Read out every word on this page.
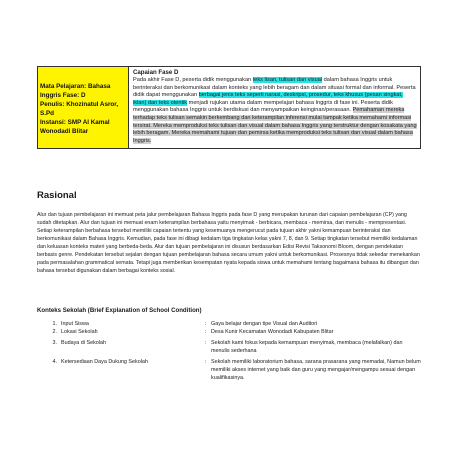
Mata Pelajaran: Bahasa
Inggris Fase: D
Penulis: Khozinatul Asror,
S.Pd
Instansi: SMP Al Kamal
Wonodadi Blitar

Capaian Fase D
Pada akhir Fase D, peserta didik menggunakan teks lisan, tulisan dan visual dalam bahasa Inggris untuk berinteraksi dan berkomunikasi dalam konteks yang lebih beragam dan dalam situasi formal dan informal. Peserta didik dapat menggunakan berbagai jenis teks seperti narasi, deskripsi, prosedur, teks khusus (pesan singkat, iklan) dan teks otentik menjadi rujukan utama dalam mempelajari bahasa Inggris di fase ini. Peserta didik menggunakan bahasa Inggris untuk berdiskusi dan menyampaikan keinginan/perasaan. Pemahaman mereka terhadap teks tulisan semakin berkembang dan keterampilan inferensi mulai tampak ketika memahami informasi tersirat. Mereka memproduksi teks tulisan dan visual dalam bahasa Inggris yang terstruktur dengan kosakata yang lebih beragam. Mereka memahami tujuan dan pemirsa ketika memproduksi teks tulisan dan visual dalam bahasa Inggris.
Rasional
Alur dan tujuan pembelajaran ini memuat peta jalur pembelajaran Bahasa Inggris pada fase D yang merupakan turunan dari capaian pembelajaran (CP) yang sudah ditetapkan. Alur dan tujuan ini memuat enam keterampilan berbahasa yaitu menyimak - berbicara, membaca - memirsa, dan menulis - mempresentasi. Setiap keterampilan berbahasa tersebut memiliki capaian tertentu yang kesemuanya mengerucut pada tujuan akhir yakni kemampuan berinteraksi dan berkomunikasi dalam Bahasa Inggris. Kemudian, pada fase ini dibagi kedalam tiga tingkatan kelas yakni 7, 8, dan 9. Setiap tingkatan tersebut memiliki kedalaman dan keluasan konteks materi yang berbeda-beda. Alur dan tujuan pembelajaran ini disusun berdasarkan Edisi Revisi Taksonomi Bloom, dengan pendekatan berbasis genre. Pendekatan tersebut sejalan dengan tujuan pembelajaran bahasa secara umum yakni untuk berkomunikasi. Prosesnya tidak sekedar menekankan pada permasalahan grammatical semata. Tetapi juga memberikan kesempatan nyata kepada siswa untuk memahami tentang bagaimana bahasa itu dibangun dan bahasa tersebut digunakan dalam berbagai konteks sosial.
Konteks Sekolah (Brief Explanation of School Condition)
1. Input Siswa	: Gaya belajar dengan tipe Visual dan Auditori
2. Lokasi Sekolah	: Desa Kunir Kecamatan Wonodadi Kabupaten Blitar
3. Budaya di Sekolah	: Sekolah kami fokus kepada kemampuan menyimak, membaca (melafalkan) dan menulis sederhana
4. Ketersediaan Daya Dukung Sekolah	: Sekolah memiliki laboratorium bahasa, sarana prasarana yang memadai, Namun belum memiliki akses internet yang baik dan guru yang mengajar/mengampu sesuai dengan kualifikasinya.
